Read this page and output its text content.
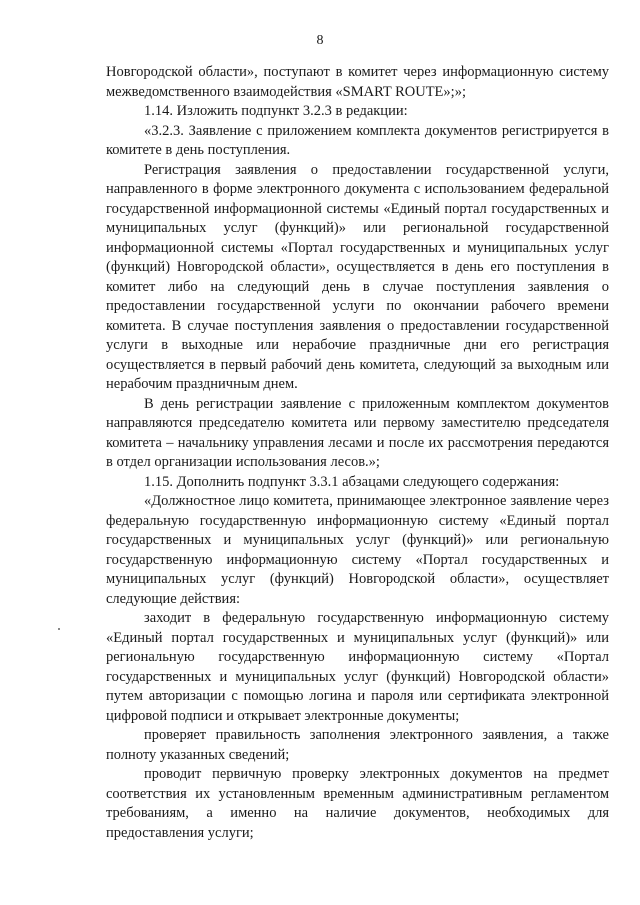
8

Новгородской области», поступают в комитет через информационную систему межведомственного взаимодействия «SMART ROUTE»;»;

1.14. Изложить подпункт 3.2.3 в редакции:

«3.2.3. Заявление с приложением комплекта документов регистрируется в комитете в день поступления.

Регистрация заявления о предоставлении государственной услуги, направленного в форме электронного документа с использованием федеральной государственной информационной системы «Единый портал государственных и муниципальных услуг (функций)» или региональной государственной информационной системы «Портал государственных и муниципальных услуг (функций) Новгородской области», осуществляется в день его поступления в комитет либо на следующий день в случае поступления заявления о предоставлении государственной услуги по окончании рабочего времени комитета. В случае поступления заявления о предоставлении государственной услуги в выходные или нерабочие праздничные дни его регистрация осуществляется в первый рабочий день комитета, следующий за выходным или нерабочим праздничным днем.

В день регистрации заявление с приложенным комплектом документов направляются председателю комитета или первому заместителю председателя комитета – начальнику управления лесами и после их рассмотрения передаются в отдел организации использования лесов.»;

1.15. Дополнить подпункт 3.3.1 абзацами следующего содержания:

«Должностное лицо комитета, принимающее электронное заявление через федеральную государственную информационную систему «Единый портал государственных и муниципальных услуг (функций)» или региональную государственную информационную систему «Портал государственных и муниципальных услуг (функций) Новгородской области», осуществляет следующие действия:

заходит в федеральную государственную информационную систему «Единый портал государственных и муниципальных услуг (функций)» или региональную государственную информационную систему «Портал государственных и муниципальных услуг (функций) Новгородской области» путем авторизации с помощью логина и пароля или сертификата электронной цифровой подписи и открывает электронные документы;

проверяет правильность заполнения электронного заявления, а также полноту указанных сведений;

проводит первичную проверку электронных документов на предмет соответствия их установленным временным административным регламентом требованиям, а именно на наличие документов, необходимых для предоставления услуги;
